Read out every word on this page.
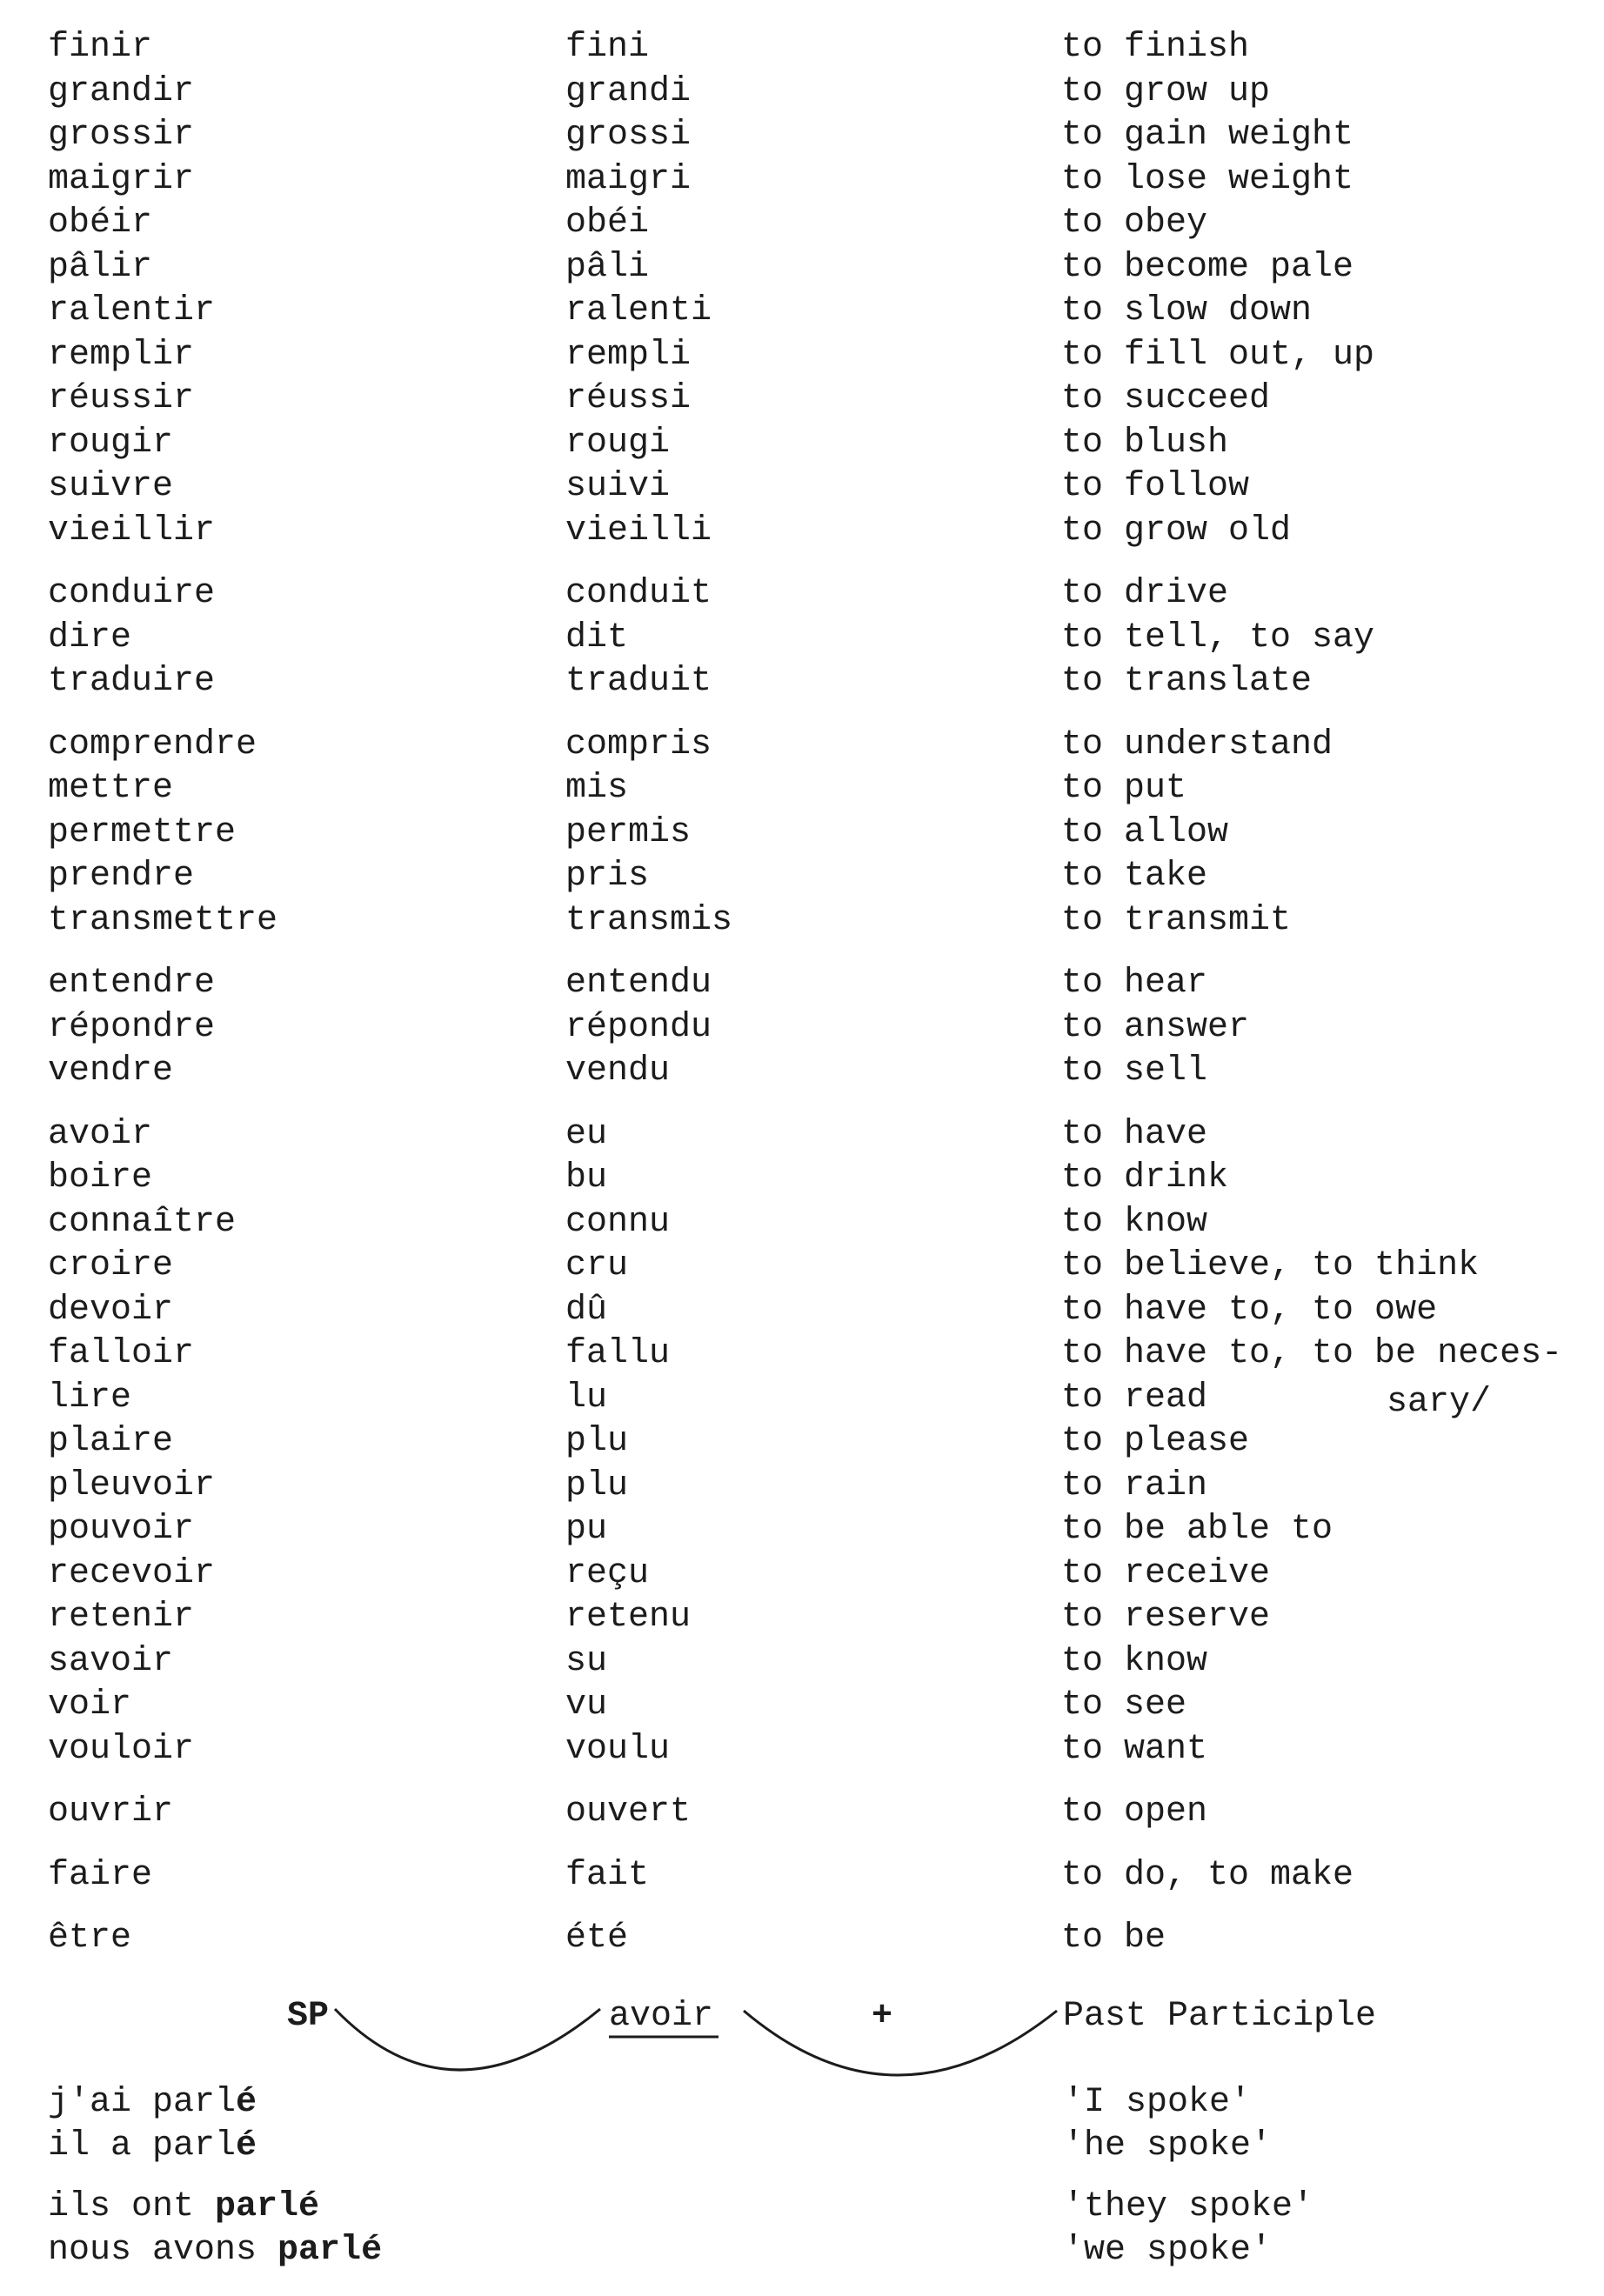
finir	fini	to finish
grandir	grandi	to grow up
grossir	grossi	to gain weight
maigrir	maigri	to lose weight
obéir	obéi	to obey
pâlir	pâli	to become pale
ralentir	ralenti	to slow down
remplir	rempli	to fill out, up
réussir	réussi	to succeed
rougir	rougi	to blush
suivre	suivi	to follow
vieillir	vieilli	to grow old
conduire	conduit	to drive
dire	dit	to tell, to say
traduire	traduit	to translate
comprendre	compris	to understand
mettre	mis	to put
permettre	permis	to allow
prendre	pris	to take
transmettre	transmis	to transmit
entendre	entendu	to hear
répondre	répondu	to answer
vendre	vendu	to sell
avoir	eu	to have
boire	bu	to drink
connaître	connu	to know
croire	cru	to believe, to think
devoir	dû	to have to, to owe
falloir	fallu	to have to, to be neces-
lire	lu	to read
plaire	plu	to please
pleuvoir	plu	to rain
pouvoir	pu	to be able to
recevoir	reçu	to receive
retenir	retenu	to reserve
savoir	su	to know
voir	vu	to see
vouloir	voulu	to want
ouvrir	ouvert	to open
faire	fait	to do, to make
être	été	to be
sary/
SP	avoir	+	Past Participle
j'ai parlé	'I spoke'
il a parlé	'he spoke'
ils ont parlé	'they spoke'
nous avons parlé	'we spoke'
